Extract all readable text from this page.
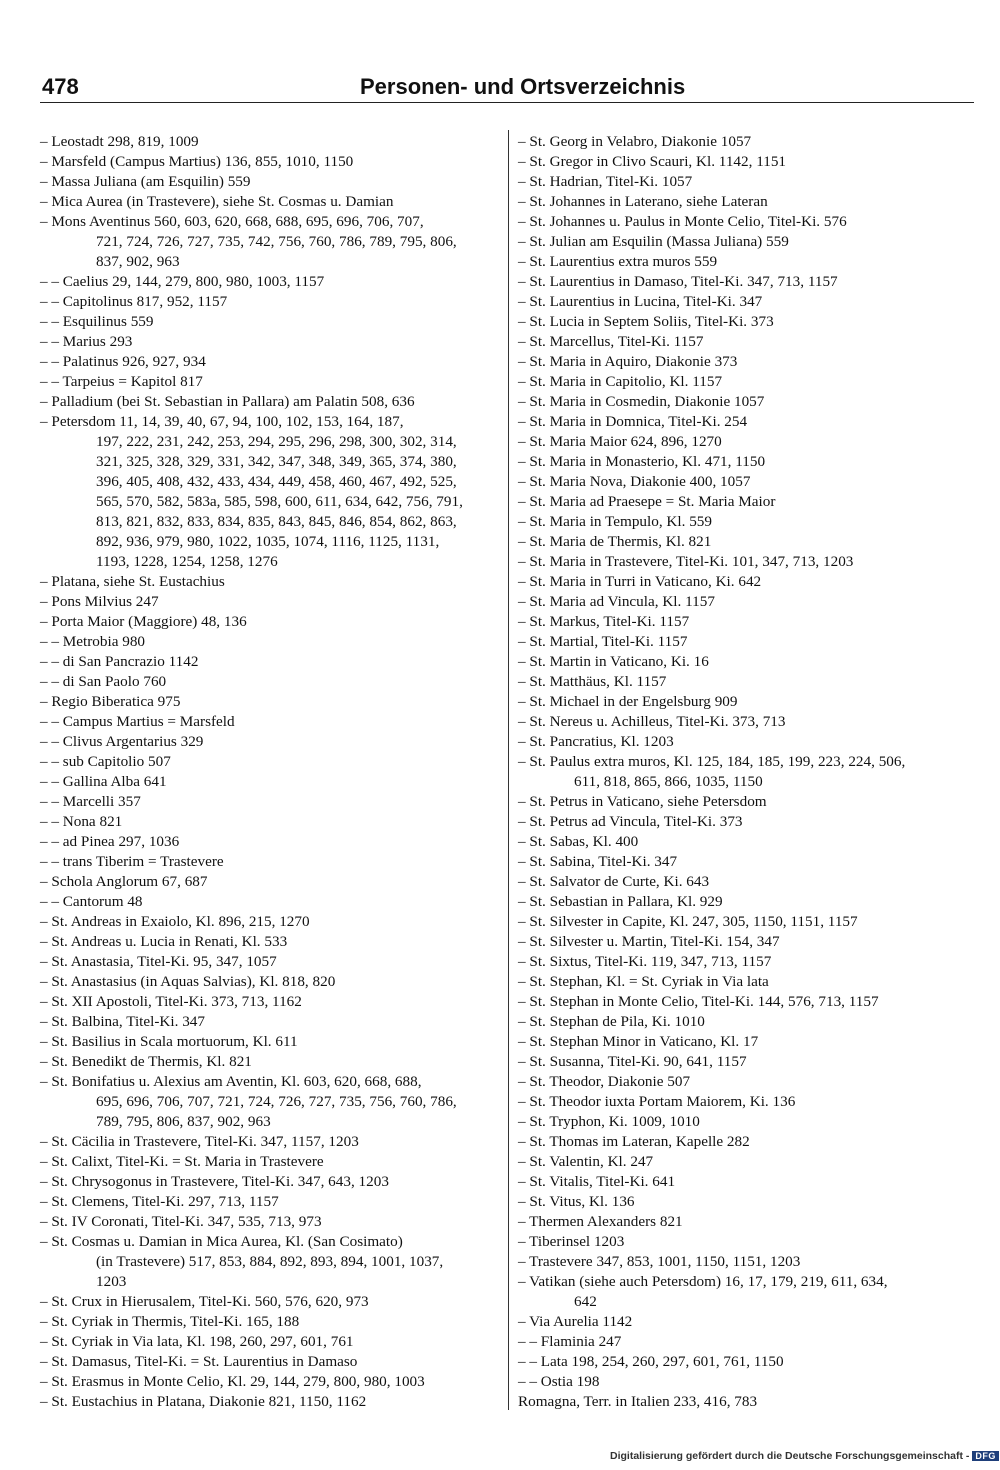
478	Personen- und Ortsverzeichnis
– Leostadt 298, 819, 1009
– Marsfeld (Campus Martius) 136, 855, 1010, 1150
– Massa Juliana (am Esquilin) 559
– Mica Aurea (in Trastevere), siehe St. Cosmas u. Damian
– Mons Aventinus 560, 603, 620, 668, 688, 695, 696, 706, 707,
721, 724, 726, 727, 735, 742, 756, 760, 786, 789, 795, 806,
837, 902, 963
– – Caelius 29, 144, 279, 800, 980, 1003, 1157
– – Capitolinus 817, 952, 1157
– – Esquilinus 559
– – Marius 293
– – Palatinus 926, 927, 934
– – Tarpeius = Kapitol 817
– Palladium (bei St. Sebastian in Pallara) am Palatin 508, 636
– Petersdom 11, 14, 39, 40, 67, 94, 100, 102, 153, 164, 187,
197, 222, 231, 242, 253, 294, 295, 296, 298, 300, 302, 314,
321, 325, 328, 329, 331, 342, 347, 348, 349, 365, 374, 380,
396, 405, 408, 432, 433, 434, 449, 458, 460, 467, 492, 525,
565, 570, 582, 583a, 585, 598, 600, 611, 634, 642, 756, 791,
813, 821, 832, 833, 834, 835, 843, 845, 846, 854, 862, 863,
892, 936, 979, 980, 1022, 1035, 1074, 1116, 1125, 1131,
1193, 1228, 1254, 1258, 1276
– Platana, siehe St. Eustachius
– Pons Milvius 247
– Porta Maior (Maggiore) 48, 136
– – Metrobia 980
– – di San Pancrazio 1142
– – di San Paolo 760
– Regio Biberatica 975
– – Campus Martius = Marsfeld
– – Clivus Argentarius 329
– – sub Capitolio 507
– – Gallina Alba 641
– – Marcelli 357
– – Nona 821
– – ad Pinea 297, 1036
– – trans Tiberim = Trastevere
– Schola Anglorum 67, 687
– – Cantorum 48
– St. Andreas in Exaiolo, Kl. 896, 215, 1270
– St. Andreas u. Lucia in Renati, Kl. 533
– St. Anastasia, Titel-Ki. 95, 347, 1057
– St. Anastasius (in Aquas Salvias), Kl. 818, 820
– St. XII Apostoli, Titel-Ki. 373, 713, 1162
– St. Balbina, Titel-Ki. 347
– St. Basilius in Scala mortuorum, Kl. 611
– St. Benedikt de Thermis, Kl. 821
– St. Bonifatius u. Alexius am Aventin, Kl. 603, 620, 668, 688,
695, 696, 706, 707, 721, 724, 726, 727, 735, 756, 760, 786,
789, 795, 806, 837, 902, 963
– St. Cäcilia in Trastevere, Titel-Ki. 347, 1157, 1203
– St. Calixt, Titel-Ki. = St. Maria in Trastevere
– St. Chrysogonus in Trastevere, Titel-Ki. 347, 643, 1203
– St. Clemens, Titel-Ki. 297, 713, 1157
– St. IV Coronati, Titel-Ki. 347, 535, 713, 973
– St. Cosmas u. Damian in Mica Aurea, Kl. (San Cosimato)
(in Trastevere) 517, 853, 884, 892, 893, 894, 1001, 1037,
1203
– St. Crux in Hierusalem, Titel-Ki. 560, 576, 620, 973
– St. Cyriak in Thermis, Titel-Ki. 165, 188
– St. Cyriak in Via lata, Kl. 198, 260, 297, 601, 761
– St. Damasus, Titel-Ki. = St. Laurentius in Damaso
– St. Erasmus in Monte Celio, Kl. 29, 144, 279, 800, 980, 1003
– St. Eustachius in Platana, Diakonie 821, 1150, 1162
– St. Georg in Velabro, Diakonie 1057
– St. Gregor in Clivo Scauri, Kl. 1142, 1151
– St. Hadrian, Titel-Ki. 1057
– St. Johannes in Laterano, siehe Lateran
– St. Johannes u. Paulus in Monte Celio, Titel-Ki. 576
– St. Julian am Esquilin (Massa Juliana) 559
– St. Laurentius extra muros 559
– St. Laurentius in Damaso, Titel-Ki. 347, 713, 1157
– St. Laurentius in Lucina, Titel-Ki. 347
– St. Lucia in Septem Soliis, Titel-Ki. 373
– St. Marcellus, Titel-Ki. 1157
– St. Maria in Aquiro, Diakonie 373
– St. Maria in Capitolio, Kl. 1157
– St. Maria in Cosmedin, Diakonie 1057
– St. Maria in Domnica, Titel-Ki. 254
– St. Maria Maior 624, 896, 1270
– St. Maria in Monasterio, Kl. 471, 1150
– St. Maria Nova, Diakonie 400, 1057
– St. Maria ad Praesepe = St. Maria Maior
– St. Maria in Tempulo, Kl. 559
– St. Maria de Thermis, Kl. 821
– St. Maria in Trastevere, Titel-Ki. 101, 347, 713, 1203
– St. Maria in Turri in Vaticano, Ki. 642
– St. Maria ad Vincula, Kl. 1157
– St. Markus, Titel-Ki. 1157
– St. Martial, Titel-Ki. 1157
– St. Martin in Vaticano, Ki. 16
– St. Matthäus, Kl. 1157
– St. Michael in der Engelsburg 909
– St. Nereus u. Achilleus, Titel-Ki. 373, 713
– St. Pancratius, Kl. 1203
– St. Paulus extra muros, Kl. 125, 184, 185, 199, 223, 224, 506,
611, 818, 865, 866, 1035, 1150
– St. Petrus in Vaticano, siehe Petersdom
– St. Petrus ad Vincula, Titel-Ki. 373
– St. Sabas, Kl. 400
– St. Sabina, Titel-Ki. 347
– St. Salvator de Curte, Ki. 643
– St. Sebastian in Pallara, Kl. 929
– St. Silvester in Capite, Kl. 247, 305, 1150, 1151, 1157
– St. Silvester u. Martin, Titel-Ki. 154, 347
– St. Sixtus, Titel-Ki. 119, 347, 713, 1157
– St. Stephan, Kl. = St. Cyriak in Via lata
– St. Stephan in Monte Celio, Titel-Ki. 144, 576, 713, 1157
– St. Stephan de Pila, Ki. 1010
– St. Stephan Minor in Vaticano, Kl. 17
– St. Susanna, Titel-Ki. 90, 641, 1157
– St. Theodor, Diakonie 507
– St. Theodor iuxta Portam Maiorem, Ki. 136
– St. Tryphon, Ki. 1009, 1010
– St. Thomas im Lateran, Kapelle 282
– St. Valentin, Kl. 247
– St. Vitalis, Titel-Ki. 641
– St. Vitus, Kl. 136
– Thermen Alexanders 821
– Tiberinsel 1203
– Trastevere 347, 853, 1001, 1150, 1151, 1203
– Vatikan (siehe auch Petersdom) 16, 17, 179, 219, 611, 634,
642
– Via Aurelia 1142
– – Flaminia 247
– – Lata 198, 254, 260, 297, 601, 761, 1150
– – Ostia 198
Romagna, Terr. in Italien 233, 416, 783
Digitalisierung gefördert durch die Deutsche Forschungsgemeinschaft - DFG
